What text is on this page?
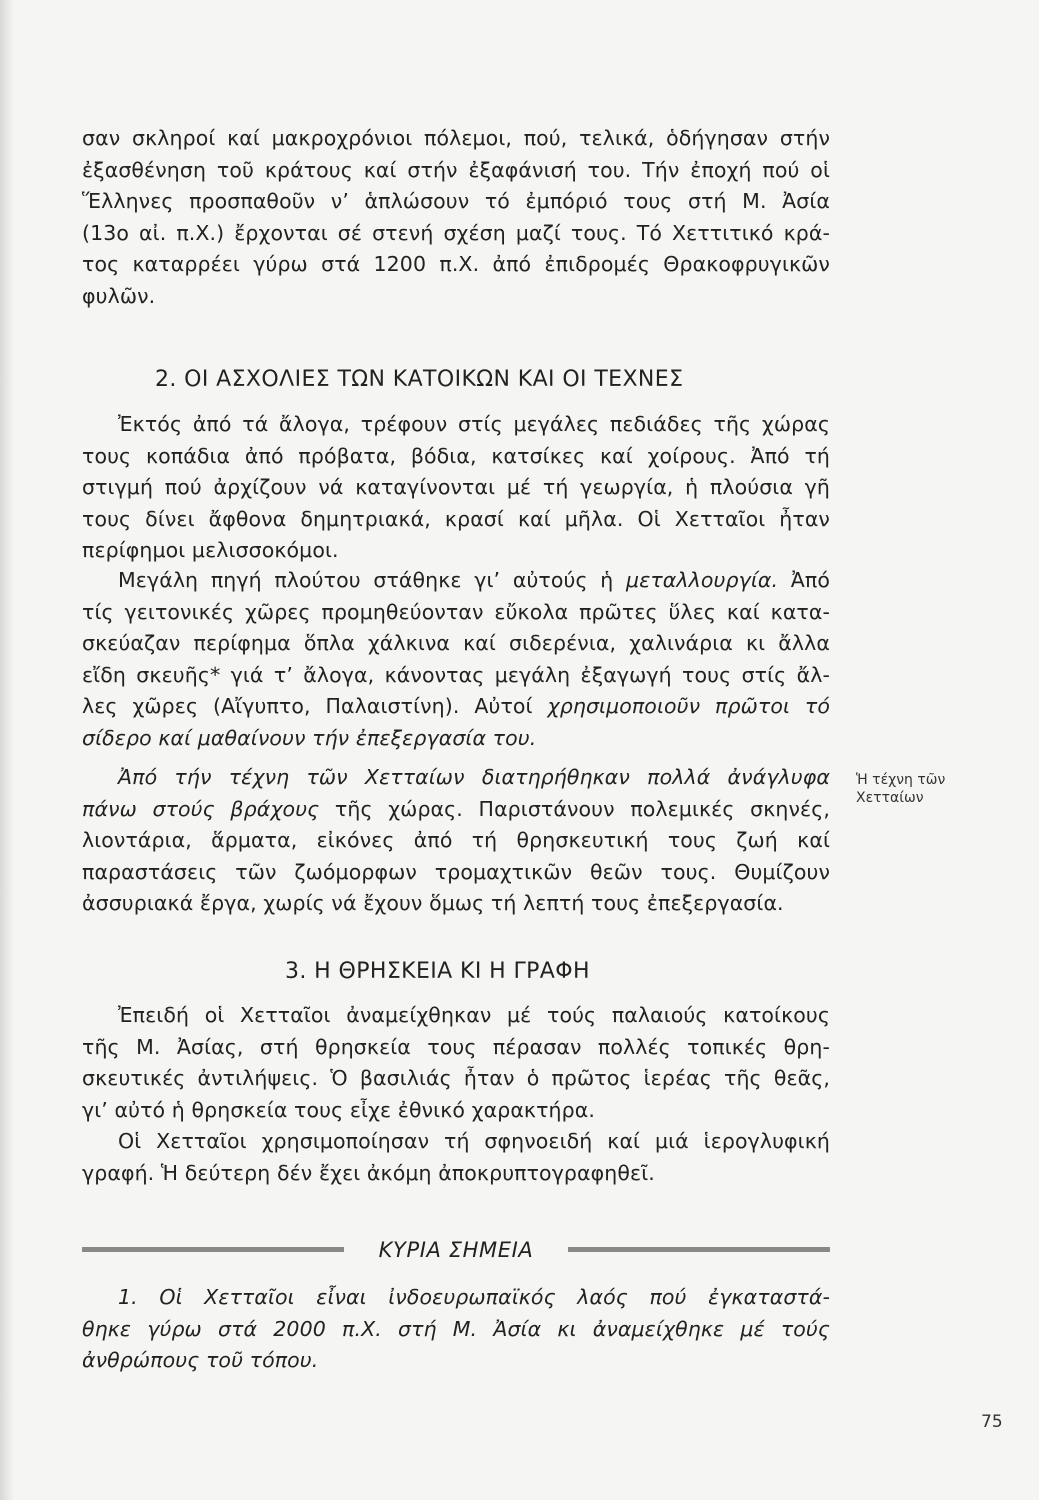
σαν σκληροί καί μακροχρόνιοι πόλεμοι, πού, τελικά, ὁδήγησαν στήν
ἐξασθένηση τοῦ κράτους καί στήν ἐξαφάνισή του. Τήν ἐποχή πού οἱ
Ἕλληνες προσπαθοῦν ν’ ἁπλώσουν τό ἐμπόριό τους στή Μ. Ἀσία
(13ο αἰ. π.Χ.) ἔρχονται σέ στενή σχέση μαζί τους. Τό Χεττιτικό κρά-
τος καταρρέει γύρω στά 1200 π.Χ. ἀπό ἐπιδρομές Θρακοφρυγικῶν
φυλῶν.
2. ΟΙ ΑΣΧΟΛΙΕΣ ΤΩΝ ΚΑΤΟΙΚΩΝ ΚΑΙ ΟΙ ΤΕΧΝΕΣ
Ἐκτός ἀπό τά ἄλογα, τρέφουν στίς μεγάλες πεδιάδες τῆς χώρας
τους κοπάδια ἀπό πρόβατα, βόδια, κατσίκες καί χοίρους. Ἀπό τή
στιγμή πού ἀρχίζουν νά καταγίνονται μέ τή γεωργία, ἡ πλούσια γῆ
τους δίνει ἄφθονα δημητριακά, κρασί καί μῆλα. Οἱ Χετταῖοι ἦταν
περίφημοι μελισσοκόμοι.
Μεγάλη πηγή πλούτου στάθηκε γι’ αὐτούς ἡ μεταλλουργία. Ἀπό
τίς γειτονικές χῶρες προμηθεύονταν εὔκολα πρῶτες ὕλες καί κατα-
σκεύαζαν περίφημα ὅπλα χάλκινα καί σιδερένια, χαλινάρια κι ἄλλα
εἴδη σκευῆς* γιά τ’ ἄλογα, κάνοντας μεγάλη ἐξαγωγή τους στίς ἄλ-
λες χῶρες (Αἴγυπτο, Παλαιστίνη). Αὐτοί χρησιμοποιοῦν πρῶτοι τό
σίδερο καί μαθαίνουν τήν ἐπεξεργασία του.
Ἀπό τήν τέχνη τῶν Χετταίων διατηρήθηκαν πολλά ἀνάγλυφα
πάνω στούς βράχους τῆς χώρας. Παριστάνουν πολεμικές σκηνές,
λιοντάρια, ἅρματα, εἰκόνες ἀπό τή θρησκευτική τους ζωή καί
παραστάσεις τῶν ζωόμορφων τρομαχτικῶν θεῶν τους. Θυμίζουν
ἀσσυριακά ἔργα, χωρίς νά ἔχουν ὅμως τή λεπτή τους ἐπεξεργασία.
Ἡ τέχνη τῶν Χετταίων
3. Η ΘΡΗΣΚΕΙΑ ΚΙ Η ΓΡΑΦΗ
Ἐπειδή οἱ Χετταῖοι ἀναμείχθηκαν μέ τούς παλαιούς κατοίκους
τῆς Μ. Ἀσίας, στή θρησκεία τους πέρασαν πολλές τοπικές θρη-
σκευτικές ἀντιλήψεις. Ὁ βασιλιάς ἦταν ὁ πρῶτος ἱερέας τῆς θεᾶς,
γι’ αὐτό ἡ θρησκεία τους εἶχε ἐθνικό χαρακτήρα.
Οἱ Χετταῖοι χρησιμοποίησαν τή σφηνοειδή καί μιά ἱερογλυφική
γραφή. Ἡ δεύτερη δέν ἔχει ἀκόμη ἀποκρυπτογραφηθεῖ.
ΚΥΡΙΑ ΣΗΜΕΙΑ
1. Οἱ Χετταῖοι εἶναι ἰνδοευρωπαϊκός λαός πού ἐγκαταστά-
θηκε γύρω στά 2000 π.Χ. στή Μ. Ἀσία κι ἀναμείχθηκε μέ τούς
ἀνθρώπους τοῦ τόπου.
75
